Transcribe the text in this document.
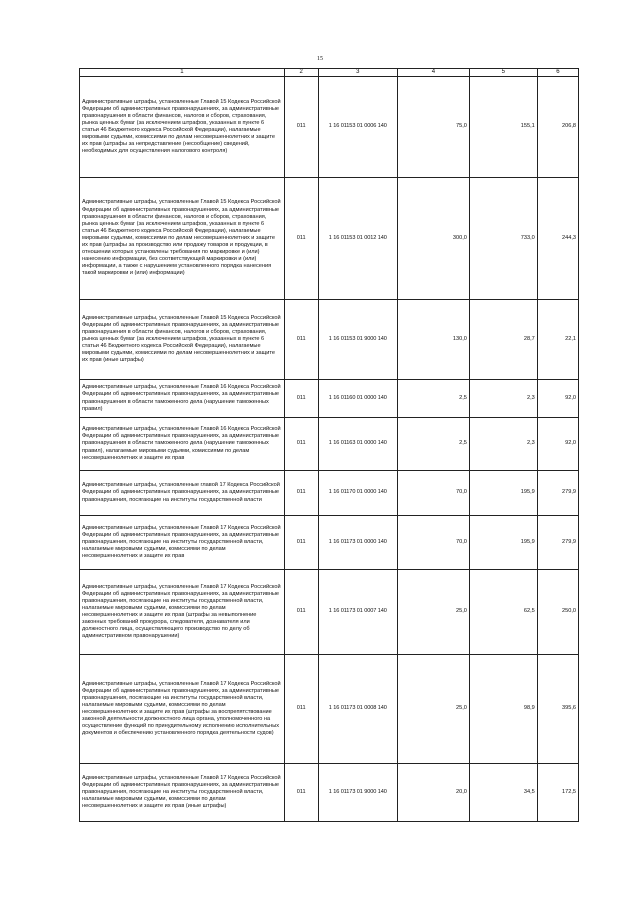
15
1	2	3	4	5	6
Административные штрафы, установленные Главой 15 Кодекса Российской Федерации об административных правонарушениях, за административные правонарушения в области финансов, налогов и сборов, страхования, рынка ценных бумаг (за исключением штрафов, указанных в пункте 6 статьи 46 Бюджетного кодекса Российской Федерации), налагаемые мировыми судьями, комиссиями по делам несовершеннолетних и защите их прав (штрафы за непредставление (несообщение) сведений, необходимых для осуществления налогового контроля)	011	1 16 01153 01 0006 140	75,0	155,1	206,8
Административные штрафы, установленные Главой 15 Кодекса Российской Федерации об административных правонарушениях, за административные правонарушения в области финансов, налогов и сборов, страхования, рынка ценных бумаг (за исключением штрафов, указанных в пункте 6 статьи 46 Бюджетного кодекса Российской Федерации), налагаемые мировыми судьями, комиссиями по делам несовершеннолетних и защите их прав (штрафы за производство или продажу товаров и продукции, в отношении которых установлены требования по маркировке и (или) нанесению информации, без соответствующей маркировки и (или) информации, а также с нарушением установленного порядка нанесения такой маркировки и (или) информации)	011	1 16 01153 01 0012 140	300,0	733,0	244,3
Административные штрафы, установленные Главой 15 Кодекса Российской Федерации об административных правонарушениях, за административные правонарушения в области финансов, налогов и сборов, страхования, рынка ценных бумаг (за исключением штрафов, указанных в пункте 6 статьи 46 Бюджетного кодекса Российской Федерации), налагаемые мировыми судьями, комиссиями по делам несовершеннолетних и защите их прав (иные штрафы)	011	1 16 01153 01 9000 140	130,0	28,7	22,1
Административные штрафы, установленные Главой 16 Кодекса Российской Федерации об административных правонарушениях, за административные правонарушения в области таможенного дела (нарушение таможенных правил)	011	1 16 01160 01 0000 140	2,5	2,3	92,0
Административные штрафы, установленные Главой 16 Кодекса Российской Федерации об административных правонарушениях, за административные правонарушения в области таможенного дела (нарушение таможенных правил), налагаемые мировыми судьями, комиссиями по делам несовершеннолетних и защите их прав	011	1 16 01163 01 0000 140	2,5	2,3	92,0
Административные штрафы, установленные главой 17 Кодекса Российской Федерации об административных правонарушениях, за административные правонарушения, посягающие на институты государственной власти	011	1 16 01170 01 0000 140	70,0	195,9	279,9
Административные штрафы, установленные Главой 17 Кодекса Российской Федерации об административных правонарушениях, за административные правонарушения, посягающие на институты государственной власти, налагаемые мировыми судьями, комиссиями по делам несовершеннолетних и защите их прав	011	1 16 01173 01 0000 140	70,0	195,9	279,9
Административные штрафы, установленные Главой 17 Кодекса Российской Федерации об административных правонарушениях, за административные правонарушения, посягающие на институты государственной власти, налагаемые мировыми судьями, комиссиями по делам несовершеннолетних и защите их прав (штрафы за невыполнение законных требований прокурора, следователя, дознавателя или должностного лица, осуществляющего производство по делу об административном правонарушении)	011	1 16 01173 01 0007 140	25,0	62,5	250,0
Административные штрафы, установленные Главой 17 Кодекса Российской Федерации об административных правонарушениях, за административные правонарушения, посягающие на институты государственной власти, налагаемые мировыми судьями, комиссиями по делам несовершеннолетних и защите их прав (штрафы за воспрепятствование законной деятельности должностного лица органа, уполномоченного на осуществление функций по принудительному исполнению исполнительных документов и обеспечению установленного порядка деятельности судов)	011	1 16 01173 01 0008 140	25,0	98,9	395,6
Административные штрафы, установленные Главой 17 Кодекса Российской Федерации об административных правонарушениях, за административные правонарушения, посягающие на институты государственной власти, налагаемые мировыми судьями, комиссиями по делам несовершеннолетних и защите их прав (иные штрафы)	011	1 16 01173 01 9000 140	20,0	34,5	172,5
